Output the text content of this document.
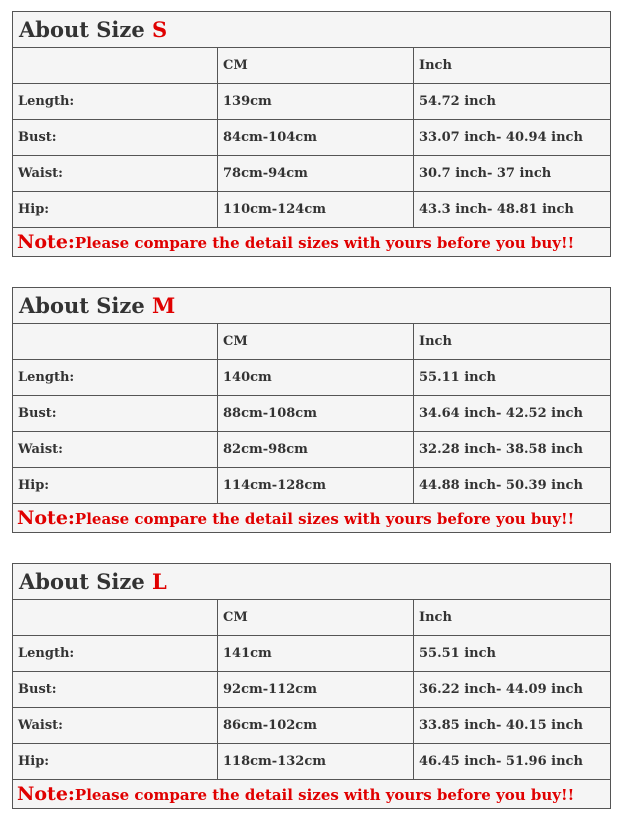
About Size S		
	CM	Inch
Length:	139cm	54.72 inch
Bust:	84cm-104cm	33.07 inch- 40.94 inch
Waist:	78cm-94cm	30.7 inch- 37 inch
Hip:	110cm-124cm	43.3 inch- 48.81 inch
Note:Please compare the detail sizes with yours before you buy!!		
About Size M		
	CM	Inch
Length:	140cm	55.11 inch
Bust:	88cm-108cm	34.64 inch- 42.52 inch
Waist:	82cm-98cm	32.28 inch- 38.58 inch
Hip:	114cm-128cm	44.88 inch- 50.39 inch
Note:Please compare the detail sizes with yours before you buy!!		
About Size L		
	CM	Inch
Length:	141cm	55.51 inch
Bust:	92cm-112cm	36.22 inch- 44.09 inch
Waist:	86cm-102cm	33.85 inch- 40.15 inch
Hip:	118cm-132cm	46.45 inch- 51.96 inch
Note:Please compare the detail sizes with yours before you buy!!		
